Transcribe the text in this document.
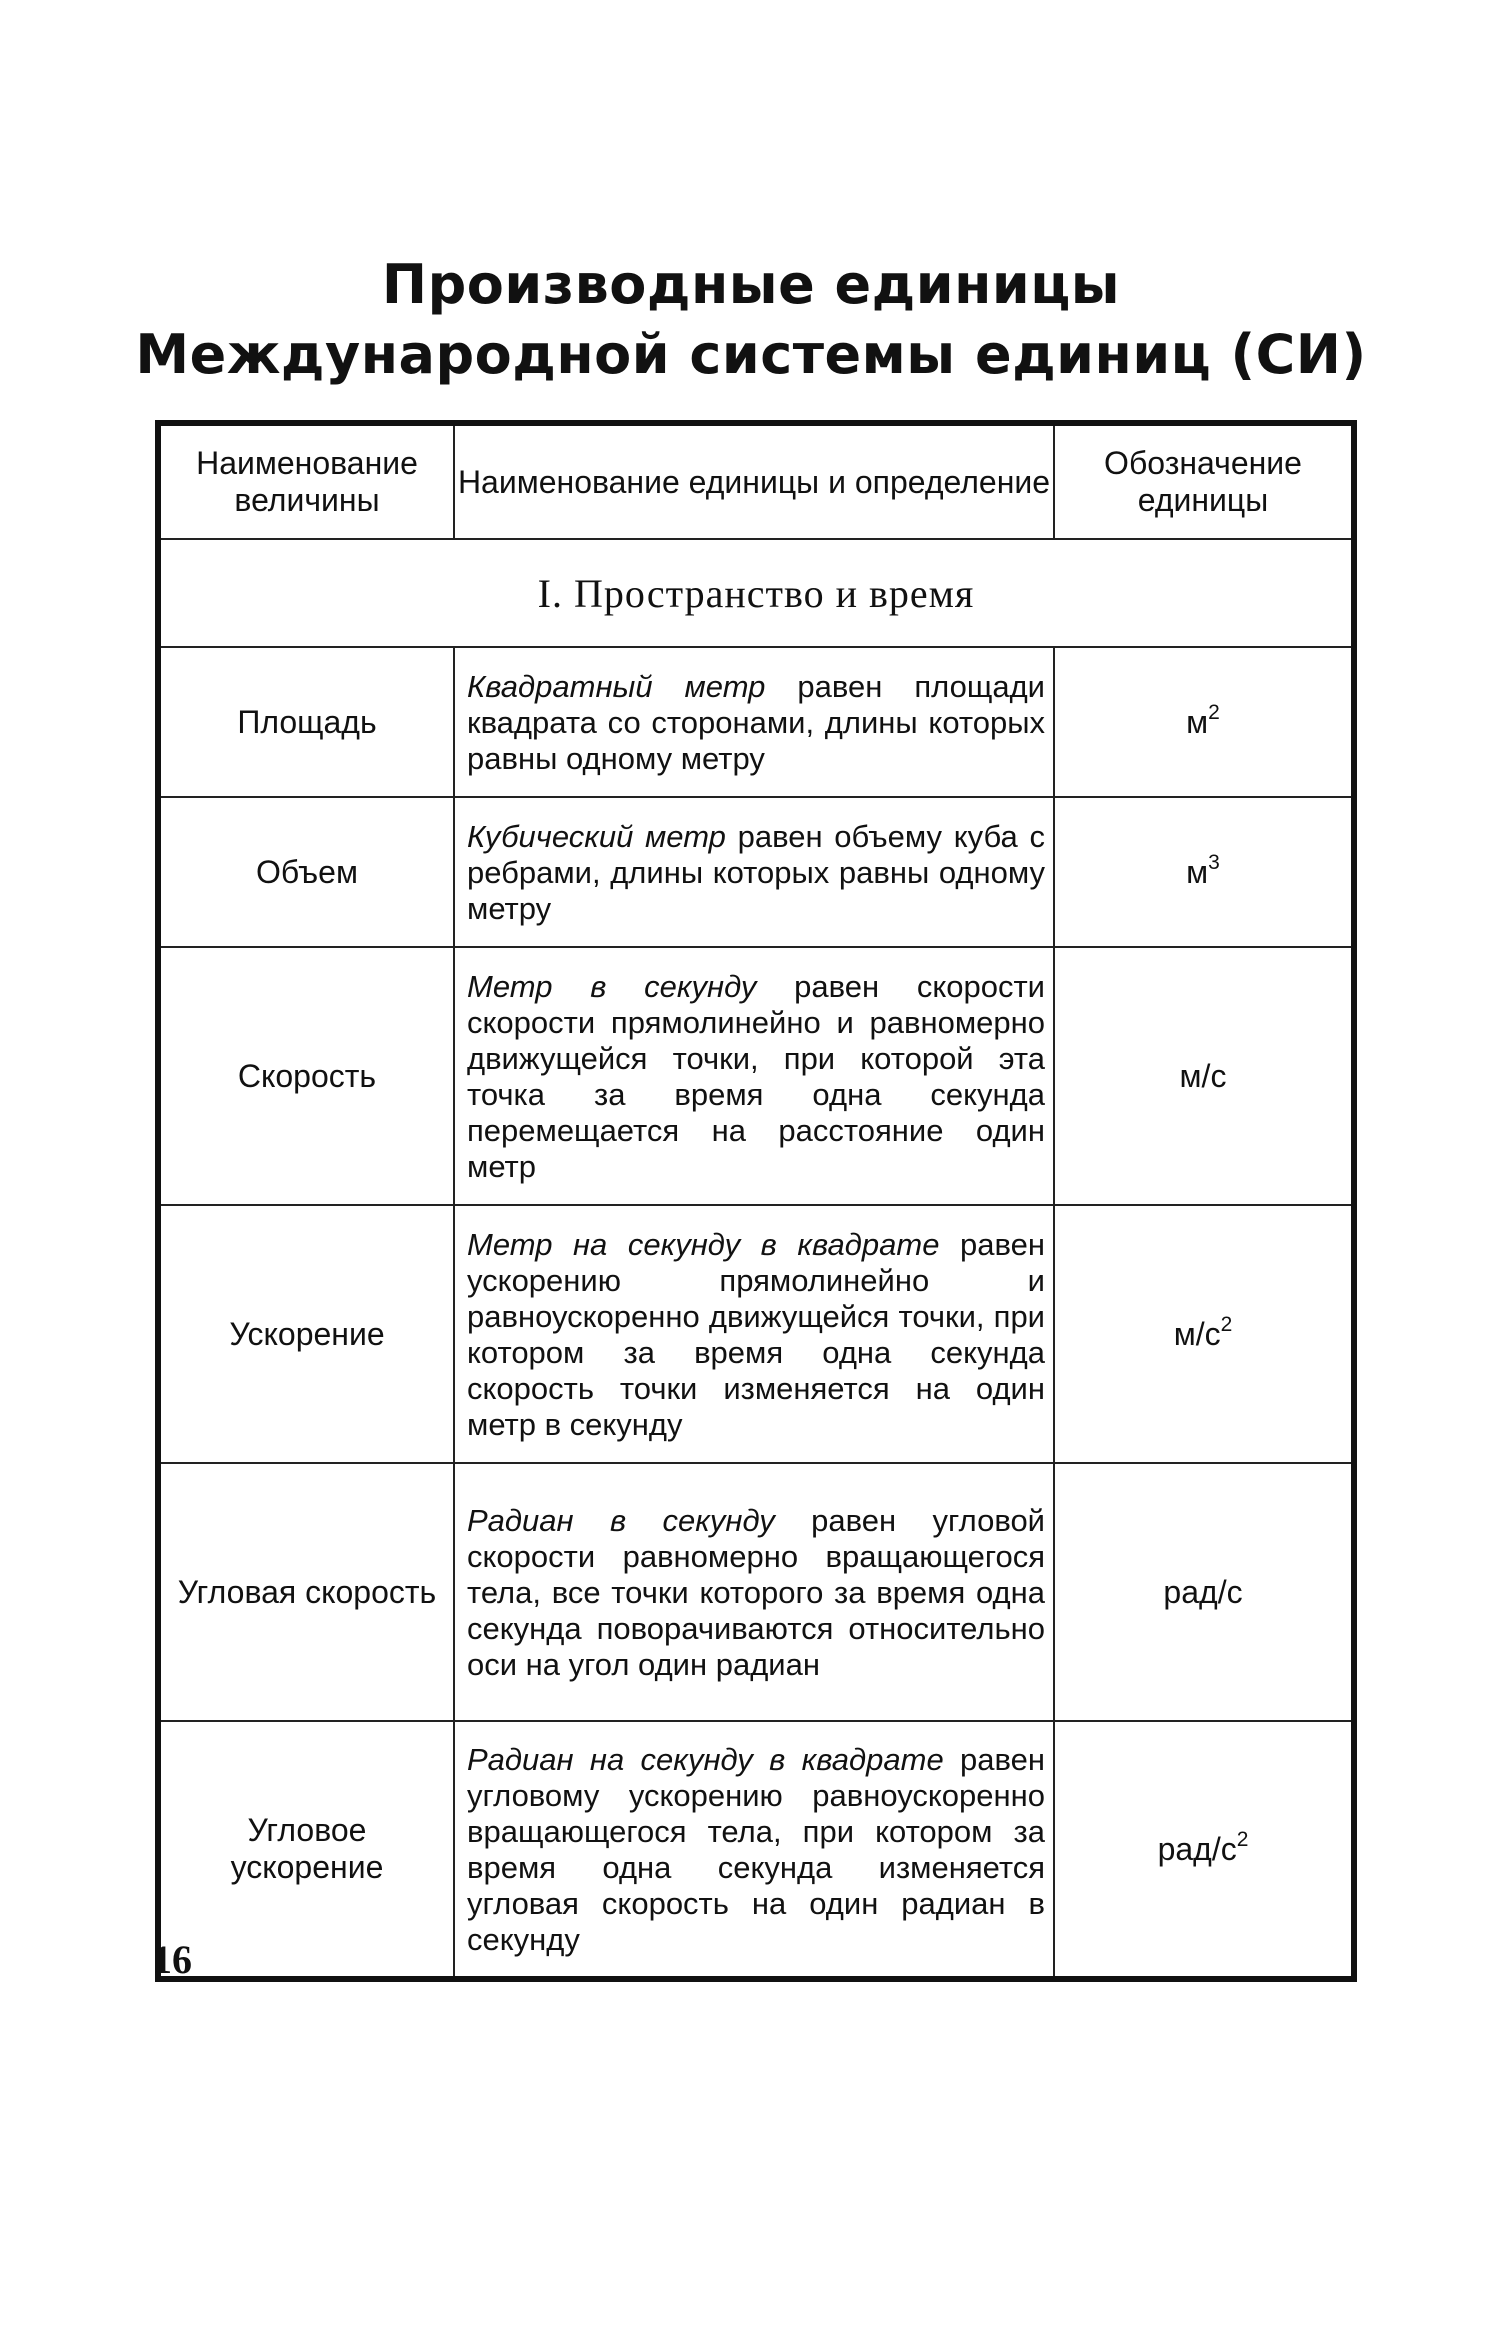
Производные единицы
Международной системы единиц (СИ)
Наименование величины	Наименование единицы и определение	Обозначение единицы
I. Пространство и время		
Площадь	Квадратный метр равен площади квадрата со сторонами, длины которых равны одному метру	$м^2$
Объем	Кубический метр равен объему куба с ребрами, длины которых равны одному метру	$м^3$
Скорость	Метр в секунду равен скорости скорости прямолинейно и равномерно движущейся точки, при которой эта точка за время одна секунда перемещается на расстояние один метр	м/с
Ускорение	Метр на секунду в квадрате равен ускорению прямолинейно и равноускоренно движущейся точки, при котором за время одна секунда скорость точки изменяется на один метр в секунду	$м/с^2$
Угловая скорость	Радиан в секунду равен угловой скорости равномерно вращающегося тела, все точки которого за время одна секунда поворачиваются относительно оси на угол один радиан	рад/с
Угловое ускорение	Радиан на секунду в квадрате равен угловому ускорению равноускоренно вращающегося тела, при котором за время одна секунда изменяется угловая скорость на один радиан в секунду	рад/$с^2$
16
